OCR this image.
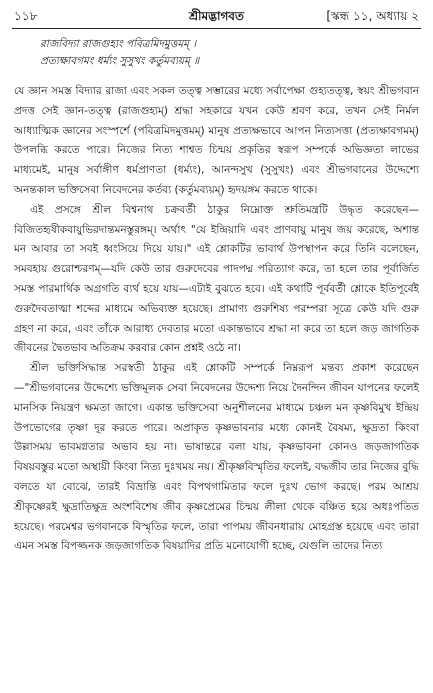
১১৮	শ্রীমদ্ভাগবত	[স্কন্ধ ১১, অধ্যায় ২
রাজবিদ্যা রাজগুহ্যং পবিত্রমিদমুত্তমম্ ।
প্রত্যক্ষাবগমং ধর্ম্যং সুসুখং কর্তুমব্যয়ম্ ॥

যে জ্ঞান সমস্ত বিদ্যার রাজা এবং সকল তত্ত্ব সম্ভারের মধ্যে সর্বাপেক্ষা গুহ্যতত্ত্ব, স্বয়ং শ্রীভগবান প্রদত্ত সেই জ্ঞান-তত্ত্ব (রাজগুহ্যম্) শ্রদ্ধা সহকারে যখন কেউ শ্রবণ করে, তখন সেই নির্মল আধ্যাত্মিক জ্ঞানের সংস্পর্শে (পবিত্রমিদমুত্তমম্) মানুষ প্রত্যক্ষভাবে আপন নিত্যসত্তা (প্রত্যক্ষাবগমম্) উপলব্ধি করতে পারে। নিজের নিত্য শাশ্বত চিন্ময় প্রকৃতির স্বরূপ সম্পর্কে অভিজ্ঞতা লাভের মাধ্যমেই, মানুষ সর্বাঙ্গীণ ধর্মপ্রাণতা (ধর্ম্যং), আনন্দসুখ (সুসুখং) এবং শ্রীভগবানের উদ্দেশ্যে অনন্তকাল ভক্তিসেবা নিবেদনের কর্তব্য (কর্তুমব্যয়ম্) হৃদয়ঙ্গম করতে থাকে।

এই প্রসঙ্গে শ্রীল বিশ্বনাথ চক্রবর্তী ঠাকুর নিম্নোক্ত শ্রুতিমন্ত্রটি উদ্ধৃত করেছেন— বিজিতহৃষীকবায়ুভিরদান্তমনস্তুরঙ্গম্। অর্থাৎ "যে ইন্দ্রিয়াদি এবং প্রাণবায়ু মানুষ জয় করেছে, অশান্ত মন আবার তা সবই ধ্বংসিয়ে দিয়ে যায়।" এই শ্লোকটির ভাবার্থ উপস্থাপন করে তিনি বলেছেন, সমবহায় গুরোশ্চরণম্—যদি কেউ তার গুরুদেবের পাদপদ্ম পরিত্যাগ করে, তা হলে তার পূর্বার্জিত সমস্ত পারমার্থিক অগ্রগতি ব্যর্থ হয়ে যায়—এটাই বুঝতে হবে। এই কথাটি পূর্ববর্তী শ্লোকে ইতিপূর্বেই গুরুদৈবতাত্মা শব্দের মাধ্যমে অভিব্যক্ত হয়েছে। প্রামাণ্য গুরুশিষ্য পরম্পরা সূত্রে কেউ যদি গুরু গ্রহণ না করে, এবং তাঁকে আরাধ্য দেবতার মতো একান্তভাবে শ্রদ্ধা না করে তা হলে জড় জাগতিক জীবনের দ্বৈতভাব অতিক্রম করবার কোন প্রশ্নই ওঠে না।

শ্রীল ভক্তিসিদ্ধান্ত সরস্বতী ঠাকুর এই শ্লোকটি সম্পর্কে নিম্নরূপ মন্তব্য প্রকাশ করেছেন—"শ্রীভগবানের উদ্দেশ্যে ভক্তিমূলক সেবা নিবেদনের উদ্দেশ্য নিয়ে দৈনন্দিন জীবন যাপনের ফলেই মানসিক নিয়ন্ত্রণ ক্ষমতা জাগে। একান্ত ভক্তিসেবা অনুশীলনের মাধ্যমে চঞ্চল মন কৃষ্ণবিমুখ ইন্দ্রিয় উপভোগের তৃষ্ণা দূর করতে পারে। অপ্রাকৃত কৃষ্ণভাবনার মধ্যে কোনই বৈষম্য, ক্ষুদ্রতা কিংবা উল্লাসময় ভাবমগ্নতার অভাব হয় না। ভাষান্তরে বলা যায়, কৃষ্ণভাবনা কোনও জড়জাগতিক বিষয়বস্তুর মতো অস্থায়ী কিংবা নিত্য দুঃখময় নয়। শ্রীকৃষ্ণবিস্মৃতির ফলেই, বদ্ধজীব তার নিজের বুদ্ধি বলতে যা বোঝে, তারই বিভ্রান্তি এবং বিপথগামিতার ফলে দুঃখ ভোগ করছে। পরম আশ্রয় শ্রীকৃষ্ণেরই ক্ষুদ্রাতিক্ষুদ্র অংশবিশেষ জীব কৃষ্ণপ্রেমের চিন্ময় লীলা থেকে বঞ্চিত হয়ে অধঃপতিত হয়েছে। পরমেশ্বর ভগবানকে বিস্মৃতির ফলে, তারা পাপময় জীবনধারায় মোহগ্রস্ত হয়েছে এবং তারা এমন সমস্ত বিপজ্জনক জড়জাগতিক বিষয়াদির প্রতি মনোযোগী হচ্ছে, যেগুলি তাদের নিত্য
